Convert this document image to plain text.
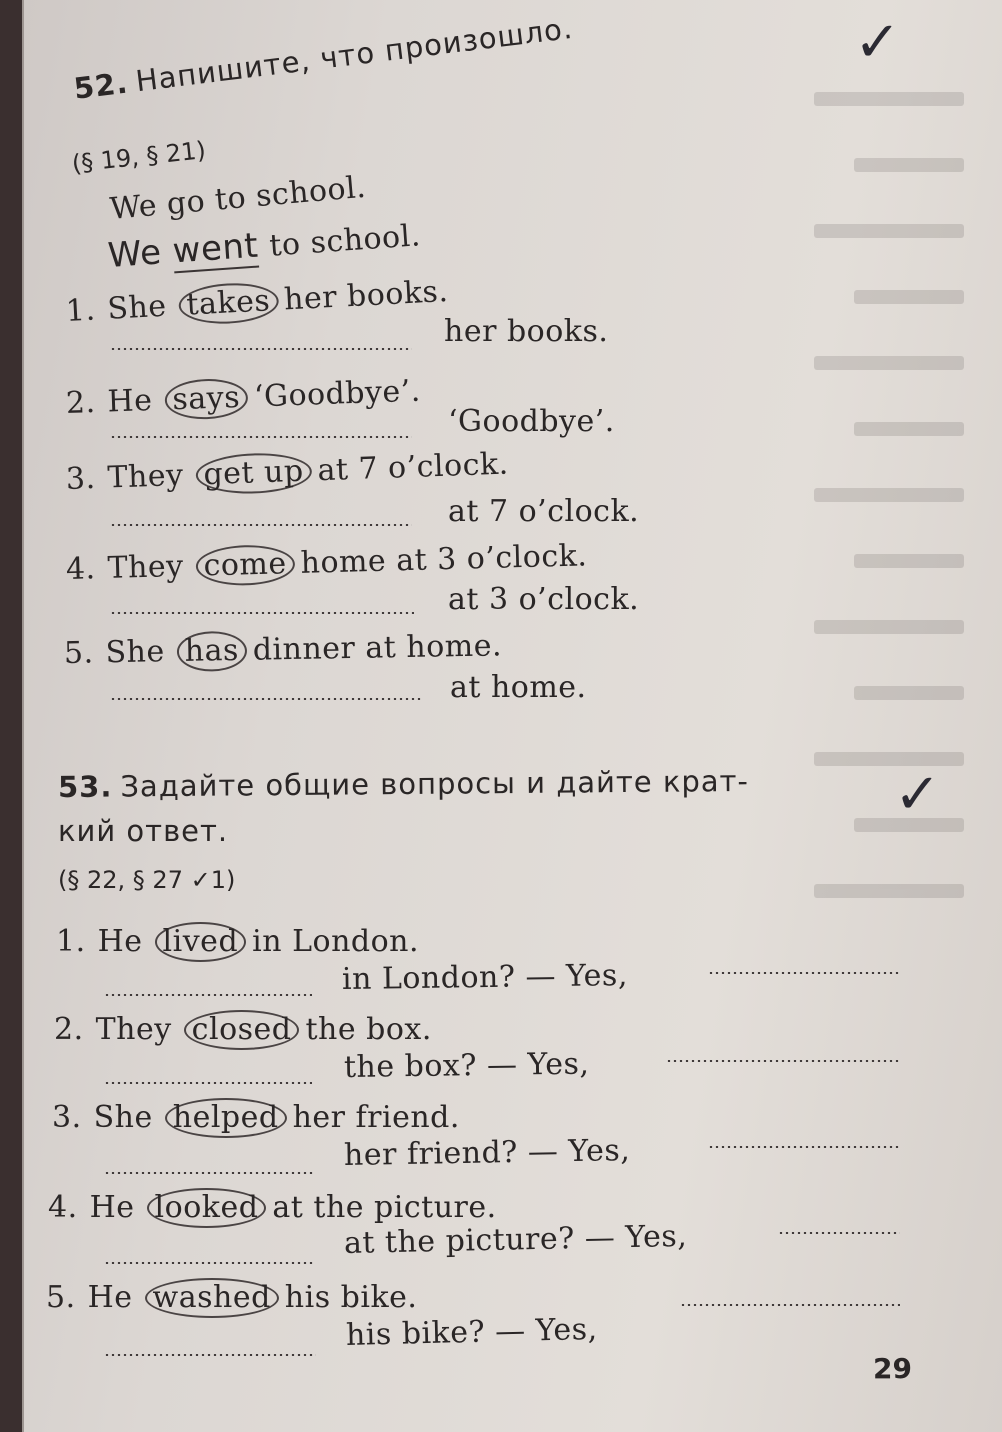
✓
52. Напишите, что произошло.
(§ 19, § 21)
We go to school.
We went to school.
1. She takes her books.
her books.
2. He says ‘Goodbye’.
‘Goodbye’.
3. They get up at 7 o’clock.
at 7 o’clock.
4. They come home at 3 o’clock.
at 3 o’clock.
5. She has dinner at home.
at home.
✓
53. Задайте общие вопросы и дайте крат-
кий ответ.
(§ 22, § 27 ✓1)
1. He lived in London.
in London? — Yes,
2. They closed the box.
the box? — Yes,
3. She helped her friend.
her friend? — Yes,
4. He looked at the picture.
at the picture? — Yes,
5. He washed his bike.
his bike? — Yes,
29
